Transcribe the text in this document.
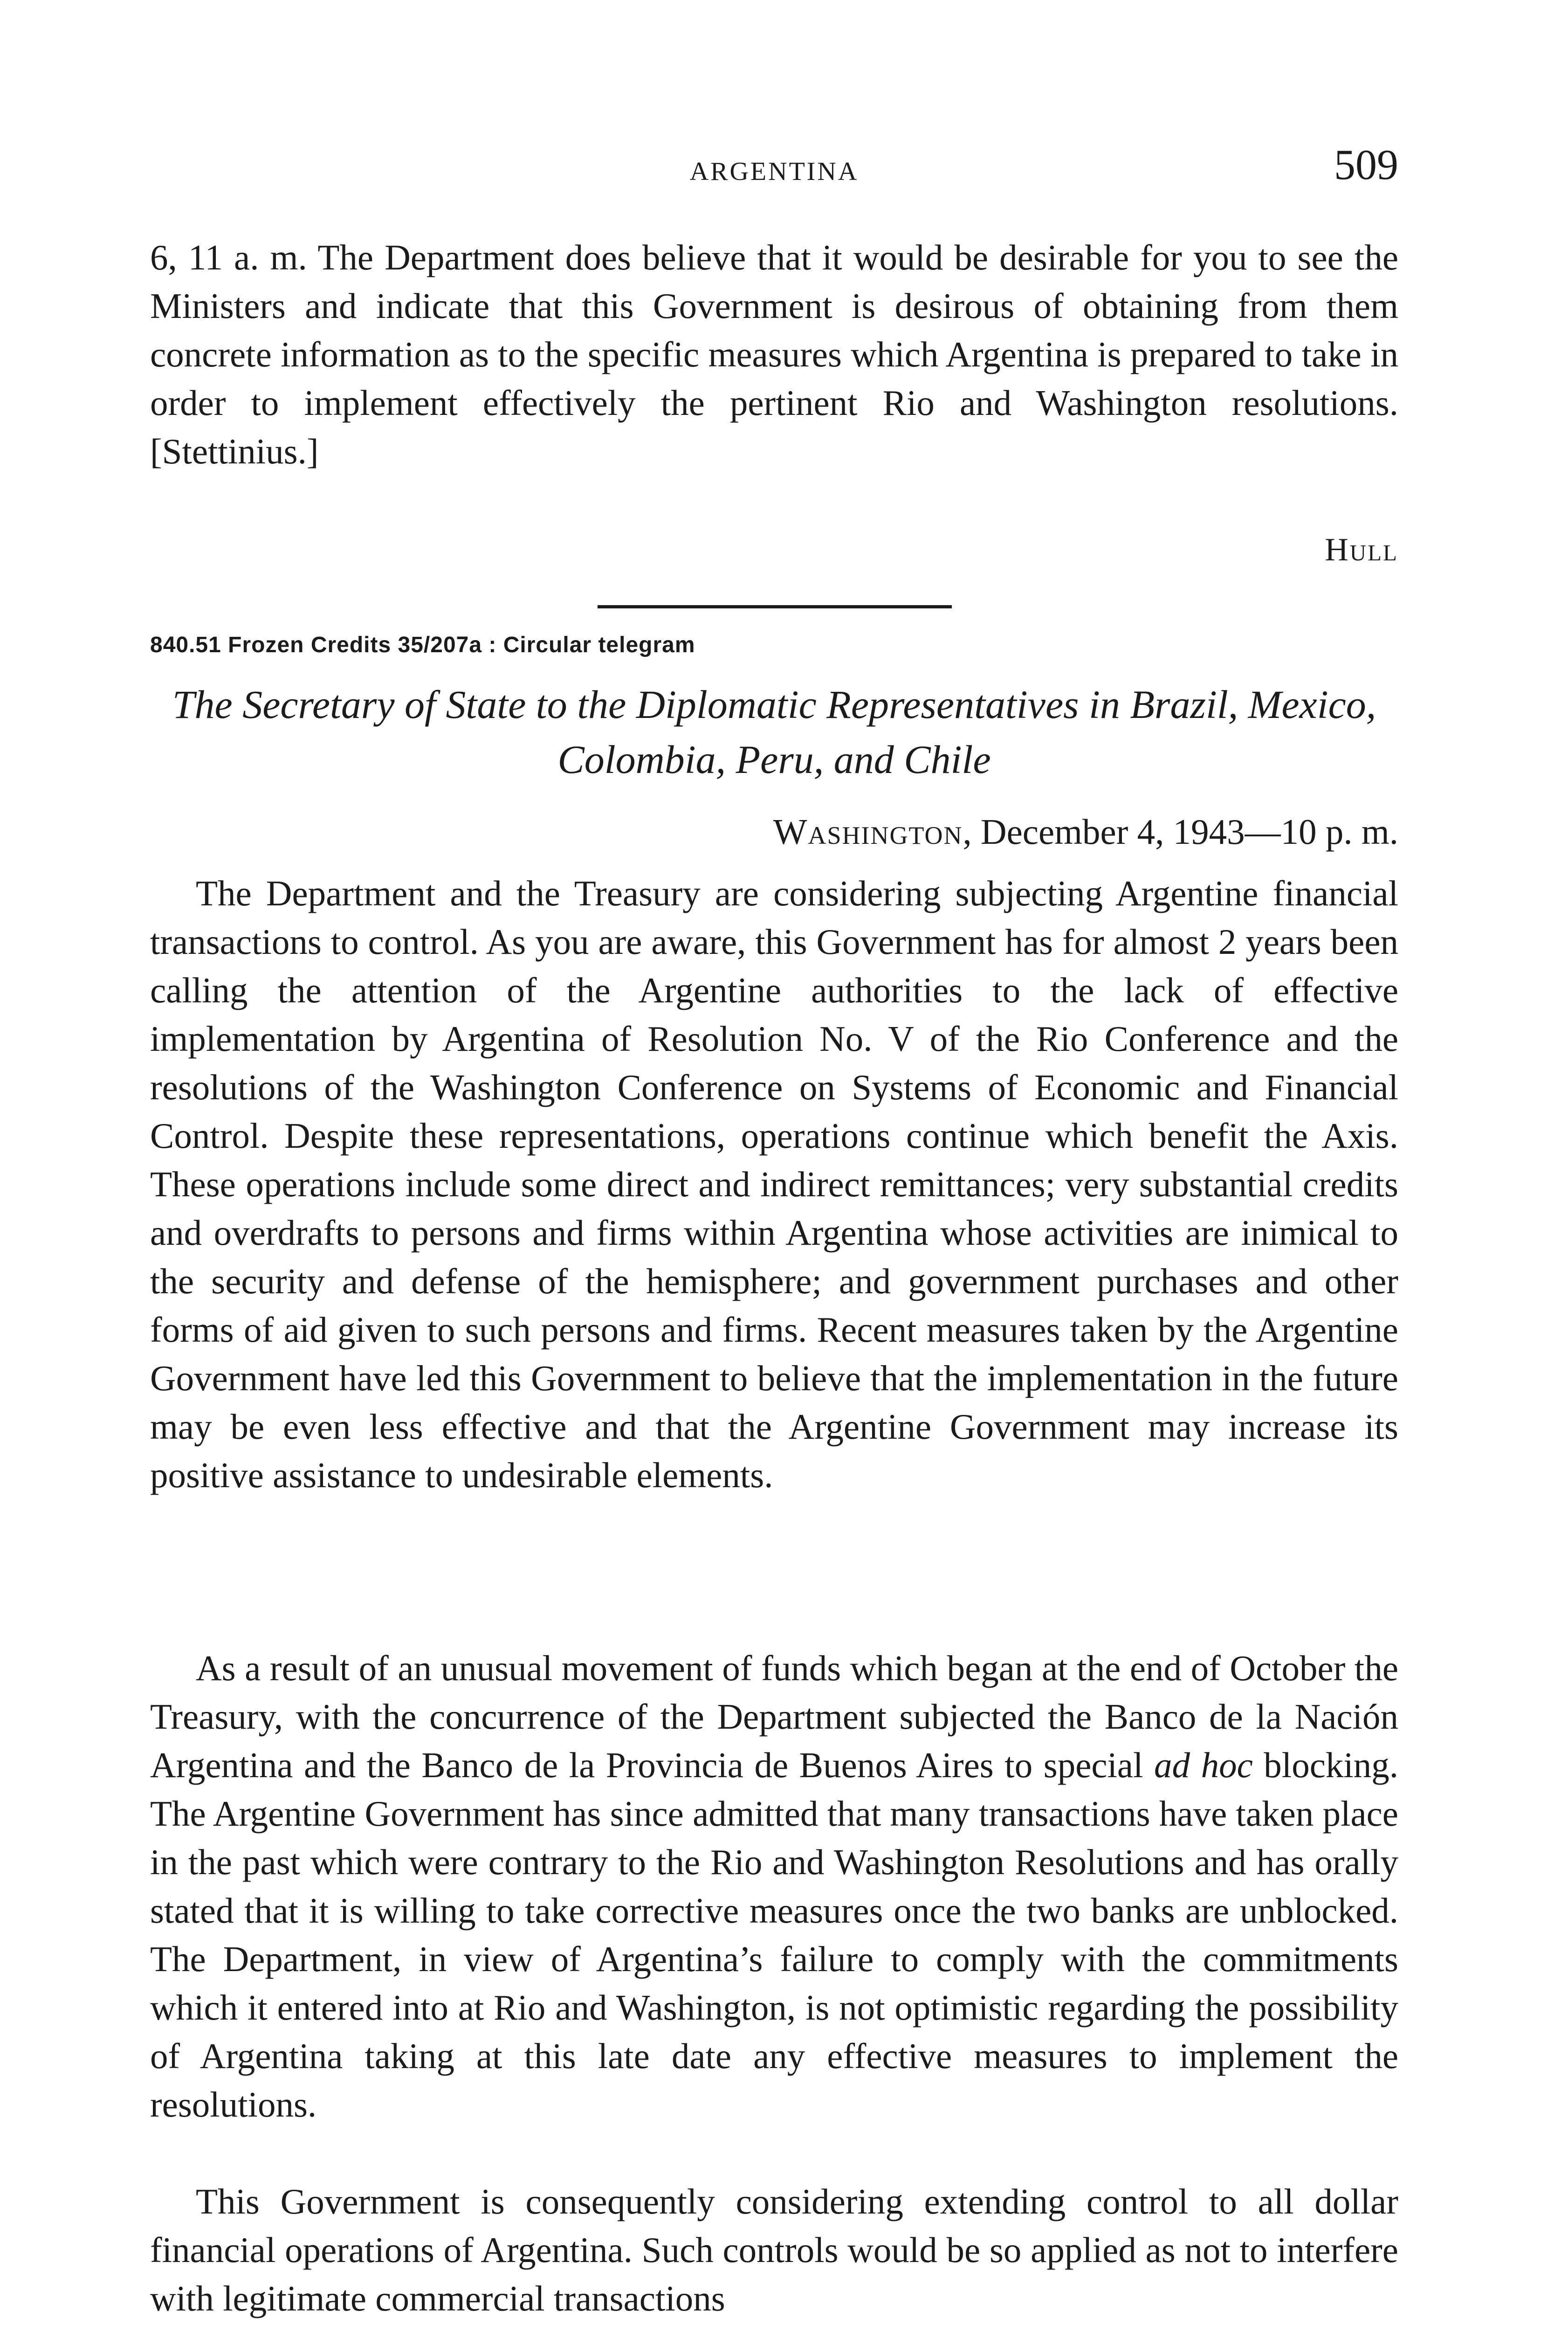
ARGENTINA	509

6, 11 a. m. The Department does believe that it would be desirable for you to see the Ministers and indicate that this Government is desirous of obtaining from them concrete information as to the specific measures which Argentina is prepared to take in order to implement effectively the pertinent Rio and Washington resolutions. [Stettinius.]

Hull
840.51 Frozen Credits 35/207a : Circular telegram
The Secretary of State to the Diplomatic Representatives in Brazil, Mexico, Colombia, Peru, and Chile
Washington, December 4, 1943—10 p. m.

The Department and the Treasury are considering subjecting Argentine financial transactions to control. As you are aware, this Government has for almost 2 years been calling the attention of the Argentine authorities to the lack of effective implementation by Argentina of Resolution No. V of the Rio Conference and the resolutions of the Washington Conference on Systems of Economic and Financial Control. Despite these representations, operations continue which benefit the Axis. These operations include some direct and indirect remittances; very substantial credits and overdrafts to persons and firms within Argentina whose activities are inimical to the security and defense of the hemisphere; and government purchases and other forms of aid given to such persons and firms. Recent measures taken by the Argentine Government have led this Government to believe that the implementation in the future may be even less effective and that the Argentine Government may increase its positive assistance to undesirable elements.

As a result of an unusual movement of funds which began at the end of October the Treasury, with the concurrence of the Department subjected the Banco de la Nación Argentina and the Banco de la Provincia de Buenos Aires to special ad hoc blocking. The Argentine Government has since admitted that many transactions have taken place in the past which were contrary to the Rio and Washington Resolutions and has orally stated that it is willing to take corrective measures once the two banks are unblocked. The Department, in view of Argentina’s failure to comply with the commitments which it entered into at Rio and Washington, is not optimistic regarding the possibility of Argentina taking at this late date any effective measures to implement the resolutions.

This Government is consequently considering extending control to all dollar financial operations of Argentina. Such controls would be so applied as not to interfere with legitimate commercial transactions
